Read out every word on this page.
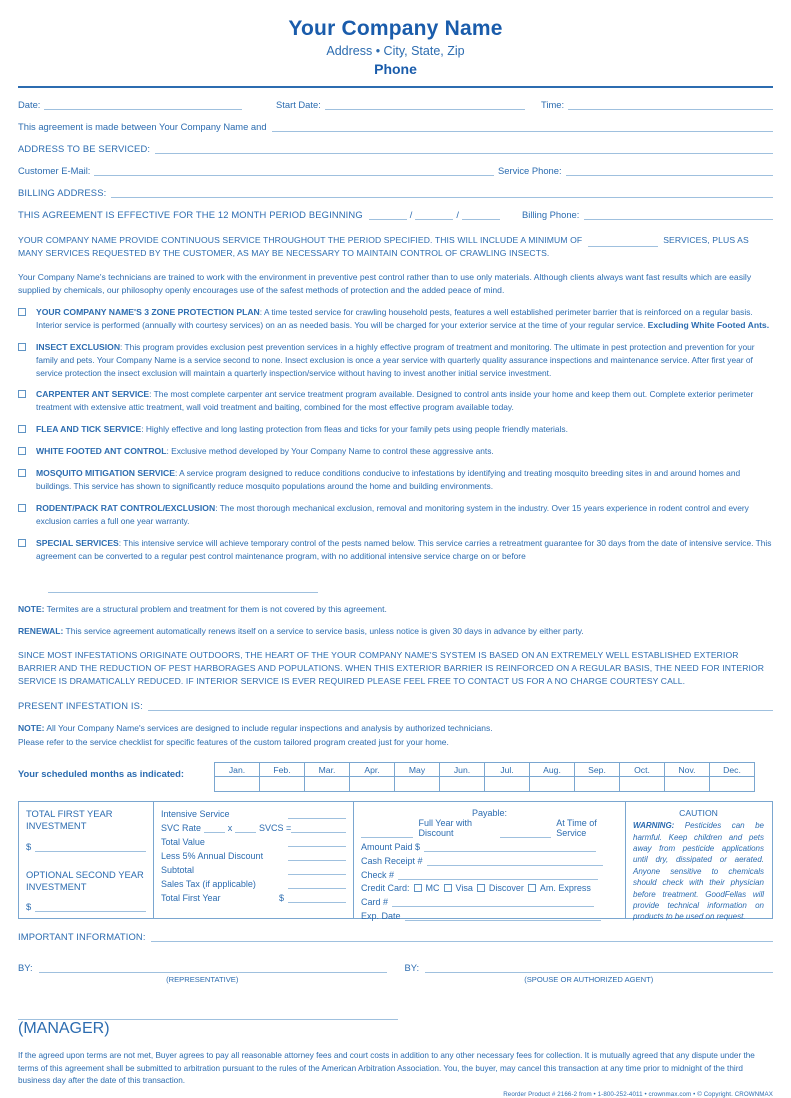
Your Company Name
Address • City, State, Zip
Phone
Date:	Start Date:	Time:
This agreement is made between Your Company Name and
ADDRESS TO BE SERVICED:
Customer E-Mail:	Service Phone:
BILLING ADDRESS:
THIS AGREEMENT IS EFFECTIVE FOR THE 12 MONTH PERIOD BEGINNING	/	/	Billing Phone:
YOUR COMPANY NAME PROVIDE CONTINUOUS SERVICE THROUGHOUT THE PERIOD SPECIFIED. THIS WILL INCLUDE A MINIMUM OF	SERVICES, PLUS AS MANY SERVICES REQUESTED BY THE CUSTOMER, AS MAY BE NECESSARY TO MAINTAIN CONTROL OF CRAWLING INSECTS.
Your Company Name's technicians are trained to work with the environment in preventive pest control rather than to use only materials. Although clients always want fast results which are easily supplied by chemicals, our philosophy openly encourages use of the safest methods of protection and the added peace of mind.
YOUR COMPANY NAME'S 3 ZONE PROTECTION PLAN: A time tested service for crawling household pests, features a well established perimeter barrier that is reinforced on a regular basis. Interior service is performed (annually with courtesy services) on an as needed basis. You will be charged for your exterior service at the time of your regular service. Excluding White Footed Ants.
INSECT EXCLUSION: This program provides exclusion pest prevention services in a highly effective program of treatment and monitoring. The ultimate in pest protection and prevention for your family and pets. Your Company Name is a service second to none. Insect exclusion is once a year service with quarterly quality assurance inspections and maintenance service. After first year of service protection the insect exclusion will maintain a quarterly inspection/service without having to invest another initial service investment.
CARPENTER ANT SERVICE: The most complete carpenter ant service treatment program available. Designed to control ants inside your home and keep them out. Complete exterior perimeter treatment with extensive attic treatment, wall void treatment and baiting, combined for the most effective program available today.
FLEA AND TICK SERVICE: Highly effective and long lasting protection from fleas and ticks for your family pets using people friendly materials.
WHITE FOOTED ANT CONTROL: Exclusive method developed by Your Company Name to control these aggressive ants.
MOSQUITO MITIGATION SERVICE: A service program designed to reduce conditions conducive to infestations by identifying and treating mosquito breeding sites in and around homes and buildings. This service has shown to significantly reduce mosquito populations around the home and building environments.
RODENT/PACK RAT CONTROL/EXCLUSION: The most thorough mechanical exclusion, removal and monitoring system in the industry. Over 15 years experience in rodent control and every exclusion carries a full one year warranty.
SPECIAL SERVICES: This intensive service will achieve temporary control of the pests named below. This service carries a retreatment guarantee for 30 days from the date of intensive service. This agreement can be converted to a regular pest control maintenance program, with no additional intensive service charge on or before
NOTE: Termites are a structural problem and treatment for them is not covered by this agreement.
RENEWAL: This service agreement automatically renews itself on a service to service basis, unless notice is given 30 days in advance by either party.
SINCE MOST INFESTATIONS ORIGINATE OUTDOORS, THE HEART OF THE YOUR COMPANY NAME'S SYSTEM IS BASED ON AN EXTREMELY WELL ESTABLISHED EXTERIOR BARRIER AND THE REDUCTION OF PEST HARBORAGES AND POPULATIONS. WHEN THIS EXTERIOR BARRIER IS REINFORCED ON A REGULAR BASIS, THE NEED FOR INTERIOR SERVICE IS DRAMATICALLY REDUCED. IF INTERIOR SERVICE IS EVER REQUIRED PLEASE FEEL FREE TO CONTACT US FOR A NO CHARGE COURTESY CALL.
PRESENT INFESTATION IS:
NOTE: All Your Company Name's services are designed to include regular inspections and analysis by authorized technicians.
Please refer to the service checklist for specific features of the custom tailored program created just for your home.
Your scheduled months as indicated:	Jan.	Feb.	Mar.	Apr.	May	Jun.	Jul.	Aug.	Sep.	Oct.	Nov.	Dec.

TOTAL FIRST YEAR INVESTMENT
$
OPTIONAL SECOND YEAR INVESTMENT
$
Intensive Service
SVC Rate	x	SVCS =
Total Value
Less 5% Annual Discount
Subtotal
Sales Tax (if applicable)
Total First Year	$
Payable:
Full Year with Discount
At Time of Service
Amount Paid $
Cash Receipt #
Check #
Credit Card: MC Visa Discover Am. Express
Card #
Exp. Date
CAUTION
WARNING: Pesticides can be harmful. Keep children and pets away from pesticide applications until dry, dissipated or aerated. Anyone sensitive to chemicals should check with their physician before treatment. GoodFellas will provide technical information on products to be used on request.
IMPORTANT INFORMATION:
BY:
(REPRESENTATIVE)
BY:
(SPOUSE OR AUTHORIZED AGENT)
(MANAGER)
If the agreed upon terms are not met, Buyer agrees to pay all reasonable attorney fees and court costs in addition to any other necessary fees for collection. It is mutually agreed that any dispute under the terms of this agreement shall be submitted to arbitration pursuant to the rules of the American Arbitration Association. You, the buyer, may cancel this transaction at any time prior to midnight of the third business day after the date of this transaction.
Reorder Product # 2166-2 from • 1-800-252-4011 • crownmax.com • © Copyright. CROWNMAX
